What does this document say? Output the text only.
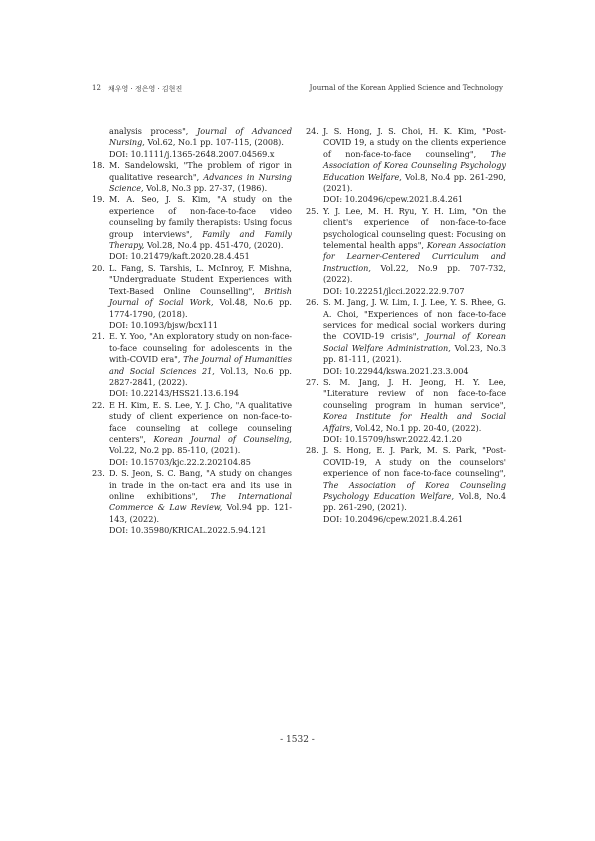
12 채우영 · 정은영 · 김현진	Journal of the Korean Applied Science and Technology
analysis process", Journal of Advanced Nursing, Vol.62, No.1 pp. 107-115, (2008).
DOI: 10.1111/j.1365-2648.2007.04569.x
18. M. Sandelowski, "The problem of rigor in qualitative research", Advances in Nursing Science, Vol.8, No.3 pp. 27-37, (1986).
19. M. A. Seo, J. S. Kim, "A study on the experience of non-face-to-face video counseling by family therapists: Using focus group interviews", Family and Family Therapy, Vol.28, No.4 pp. 451-470, (2020).
DOI: 10.21479/kaft.2020.28.4.451
20. L. Fang, S. Tarshis, L. McInroy, F. Mishna, "Undergraduate Student Experiences with Text-Based Online Counselling", British Journal of Social Work, Vol.48, No.6 pp. 1774-1790, (2018).
DOI: 10.1093/bjsw/bcx111
21. E. Y. Yoo, "An exploratory study on non-face-to-face counseling for adolescents in the with-COVID era", The Journal of Humanities and Social Sciences 21, Vol.13, No.6 pp. 2827-2841, (2022).
DOI: 10.22143/HSS21.13.6.194
22. E H. Kim, E. S. Lee, Y. J. Cho, "A qualitative study of client experience on non-face-to-face counseling at college counseling centers", Korean Journal of Counseling, Vol.22, No.2 pp. 85-110, (2021).
DOI: 10.15703/kjc.22.2.202104.85
23. D. S. Jeon, S. C. Bang, "A study on changes in trade in the on-tact era and its use in online exhibitions", The International Commerce & Law Review, Vol.94 pp. 121-143, (2022).
DOI: 10.35980/KRICAL.2022.5.94.121
24. J. S. Hong, J. S. Choi, H. K. Kim, "Post-COVID 19, a study on the clients experience of non-face-to-face counseling", The Association of Korea Counseling Psychology Education Welfare, Vol.8, No.4 pp. 261-290, (2021).
DOI: 10.20496/cpew.2021.8.4.261
25. Y. J. Lee, M. H. Ryu, Y. H. Lim, "On the client's experience of non-face-to-face psychological counseling quest: Focusing on telemental health apps", Korean Association for Learner-Centered Curriculum and Instruction, Vol.22, No.9 pp. 707-732, (2022).
DOI: 10.22251/jlcci.2022.22.9.707
26. S. M. Jang, J. W. Lim, I. J. Lee, Y. S. Rhee, G. A. Choi, "Experiences of non face-to-face services for medical social workers during the COVID-19 crisis", Journal of Korean Social Welfare Administration, Vol.23, No.3 pp. 81-111, (2021).
DOI: 10.22944/kswa.2021.23.3.004
27. S. M. Jang, J. H. Jeong, H. Y. Lee, "Literature review of non face-to-face counseling program in human service", Korea Institute for Health and Social Affairs, Vol.42, No.1 pp. 20-40, (2022).
DOI: 10.15709/hswr.2022.42.1.20
28. J. S. Hong, E. J. Park, M. S. Park, "Post-COVID-19, A study on the counselors' experience of non face-to-face counseling", The Association of Korea Counseling Psychology Education Welfare, Vol.8, No.4 pp. 261-290, (2021).
DOI: 10.20496/cpew.2021.8.4.261
- 1532 -
